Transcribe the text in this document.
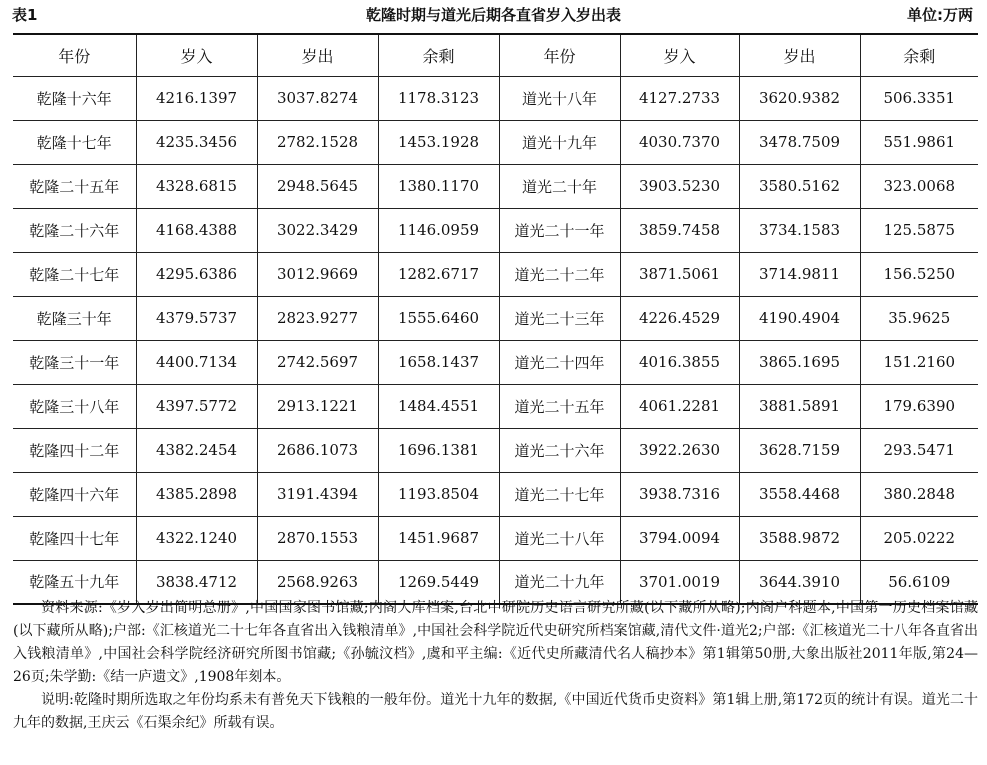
表1	乾隆时期与道光后期各直省岁入岁出表	单位:万两
年份	岁入	岁出	余剩	年份	岁入	岁出	余剩
乾隆十六年	4216.1397	3037.8274	1178.3123	道光十八年	4127.2733	3620.9382	506.3351
乾隆十七年	4235.3456	2782.1528	1453.1928	道光十九年	4030.7370	3478.7509	551.9861
乾隆二十五年	4328.6815	2948.5645	1380.1170	道光二十年	3903.5230	3580.5162	323.0068
乾隆二十六年	4168.4388	3022.3429	1146.0959	道光二十一年	3859.7458	3734.1583	125.5875
乾隆二十七年	4295.6386	3012.9669	1282.6717	道光二十二年	3871.5061	3714.9811	156.5250
乾隆三十年	4379.5737	2823.9277	1555.6460	道光二十三年	4226.4529	4190.4904	35.9625
乾隆三十一年	4400.7134	2742.5697	1658.1437	道光二十四年	4016.3855	3865.1695	151.2160
乾隆三十八年	4397.5772	2913.1221	1484.4551	道光二十五年	4061.2281	3881.5891	179.6390
乾隆四十二年	4382.2454	2686.1073	1696.1381	道光二十六年	3922.2630	3628.7159	293.5471
乾隆四十六年	4385.2898	3191.4394	1193.8504	道光二十七年	3938.7316	3558.4468	380.2848
乾隆四十七年	4322.1240	2870.1553	1451.9687	道光二十八年	3794.0094	3588.9872	205.0222
乾隆五十九年	3838.4712	2568.9263	1269.5449	道光二十九年	3701.0019	3644.3910	56.6109

资料来源:《岁入岁出简明总册》,中国国家图书馆藏;内阁大库档案,台北中研院历史语言研究所藏(以下藏所从略);内阁户科题本,中国第一历史档案馆藏(以下藏所从略);户部:《汇核道光二十七年各直省出入钱粮清单》,中国社会科学院近代史研究所档案馆藏,清代文件·道光2;户部:《汇核道光二十八年各直省出入钱粮清单》,中国社会科学院经济研究所图书馆藏;《孙毓汶档》,虞和平主编:《近代史所藏清代名人稿抄本》第1辑第50册,大象出版社2011年版,第24—26页;朱学勤:《结一庐遗文》,1908年刻本。

说明:乾隆时期所选取之年份均系未有普免天下钱粮的一般年份。道光十九年的数据,《中国近代货币史资料》第1辑上册,第172页的统计有误。道光二十九年的数据,王庆云《石渠余纪》所载有误。
